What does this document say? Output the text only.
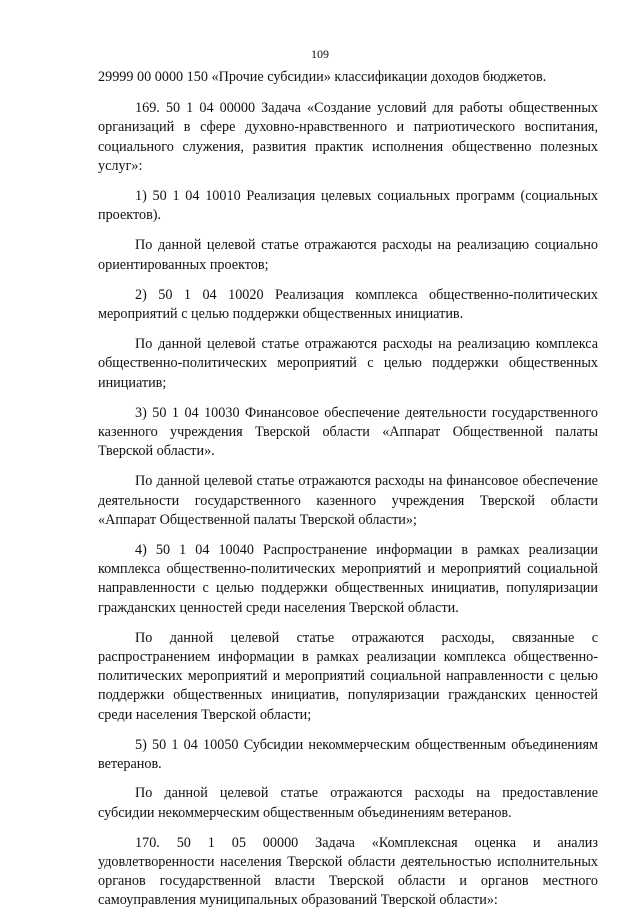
109

29999 00 0000 150 «Прочие субсидии» классификации доходов бюджетов.

169. 50 1 04 00000 Задача «Создание условий для работы общественных организаций в сфере духовно-нравственного и патриотического воспитания, социального служения, развития практик исполнения общественно полезных услуг»:

1) 50 1 04 10010 Реализация целевых социальных программ (социальных проектов).

По данной целевой статье отражаются расходы на реализацию социально ориентированных проектов;

2) 50 1 04 10020 Реализация комплекса общественно-политических мероприятий с целью поддержки общественных инициатив.

По данной целевой статье отражаются расходы на реализацию комплекса общественно-политических мероприятий с целью поддержки общественных инициатив;

3) 50 1 04 10030 Финансовое обеспечение деятельности государственного казенного учреждения Тверской области «Аппарат Общественной палаты Тверской области».

По данной целевой статье отражаются расходы на финансовое обеспечение деятельности государственного казенного учреждения Тверской области «Аппарат Общественной палаты Тверской области»;

4) 50 1 04 10040 Распространение информации в рамках реализации комплекса общественно-политических мероприятий и мероприятий социальной направленности с целью поддержки общественных инициатив, популяризации гражданских ценностей среди населения Тверской области.

По данной целевой статье отражаются расходы, связанные с распространением информации в рамках реализации комплекса общественно-политических мероприятий и мероприятий социальной направленности с целью поддержки общественных инициатив, популяризации гражданских ценностей среди населения Тверской области;

5) 50 1 04 10050 Субсидии некоммерческим общественным объединениям ветеранов.

По данной целевой статье отражаются расходы на предоставление субсидии некоммерческим общественным объединениям ветеранов.

170. 50 1 05 00000 Задача «Комплексная оценка и анализ удовлетворенности населения Тверской области деятельностью исполнительных органов государственной власти Тверской области и органов местного самоуправления муниципальных образований Тверской области»:
